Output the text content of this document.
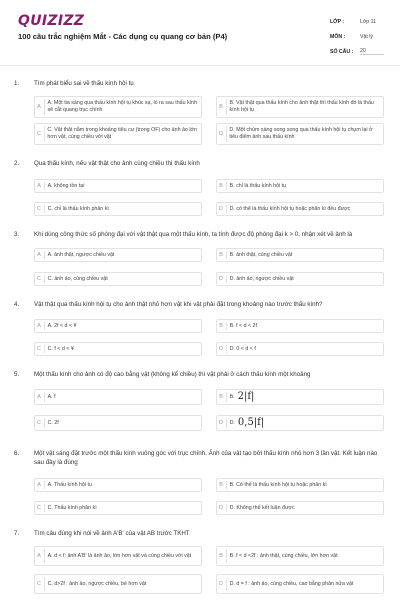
QUIZIZZ
100 câu trắc nghiệm Mắt - Các dụng cụ quang cơ bản (P4)
LỚP :	Lớp 11
MÔN :	Vật lý
SỐ CÂU :	20
1. Tìm phát biểu sai về thấu kính hội tụ
A
A. Một tia sáng qua thấu kính hội tụ khúc xạ, ló ra sau thấu kính sẽ cắt quang trục chính	B
B. Vật thật qua thấu kính cho ảnh thật thì thấu kính đó là thấu kính hội tụ
C
C. Vật thật nằm trong khoảng tiêu cự (trong OF) cho ảnh ảo lớn hơn vật, cùng chiều với vật	D
D. Một chùm sáng song song qua thấu kính hội tụ chụm lại ở tiêu điểm ảnh sau thấu kính
2. Qua thấu kính, nếu vật thật cho ảnh cùng chiều thì thấu kính
A	A. không tồn tại	B	B. chỉ là thấu kính hội tụ
C	C. chỉ là thấu kính phân kì	D	D. có thể là thấu kính hội tụ hoặc phân kì đều được
3. Khi dùng công thức số phóng đại với vật thật qua một thấu kính, ta tính được độ phóng đại k > 0, nhận xét về ảnh là
A	A. ảnh thật, ngược chiều vật	B	B. ảnh thật, cùng chiều vật
C	C. ảnh ảo, cùng chiều vật	D	D. ảnh ảo, ngược chiều vật
4. Vật thật qua thấu kính hội tụ cho ảnh thật nhỏ hơn vật khi vật phải đặt trong khoảng nào trước thấu kính?
A	A. 2f < d < ¥	B	B. f < d < 2f
C	C. f < d < ¥	D	D. 0 < d < f
5. Một thấu kính cho ảnh có độ cao bằng vật (không kể chiều) thì vật phải ở cách thấu kính một khoảng
A	A. f	B	B. 2|f|
C	C. 2f	D	D. 0,5|f|
6. Một vật sáng đặt trước một thấu kính vuông góc với trục chính. Ảnh của vật tạo bởi thấu kính nhỏ hơn 3 lần vật. Kết luận nào sau đây là đúng
A	A. Thấu kính hội tụ	B	B. Có thể là thấu kính hội tụ hoặc phân kì
C	C. Thấu kính phân kì	D	D. Không thể kết luận được
7. Tìm câu đúng khi nói về ảnh A'B' của vật AB trước TKHT
A	A. d < f: ảnh A'B' là ảnh ảo, lớn hơn vật và cùng chiều với vật	B	B. f < d <2f : ảnh thật, cùng chiều, lớn hơn vật
C	C. d>2f : ảnh ảo, ngược chiều, bé hơn vật	D	D. d = f : ảnh ảo, cùng chiều, cao bằng phân nửa vật
